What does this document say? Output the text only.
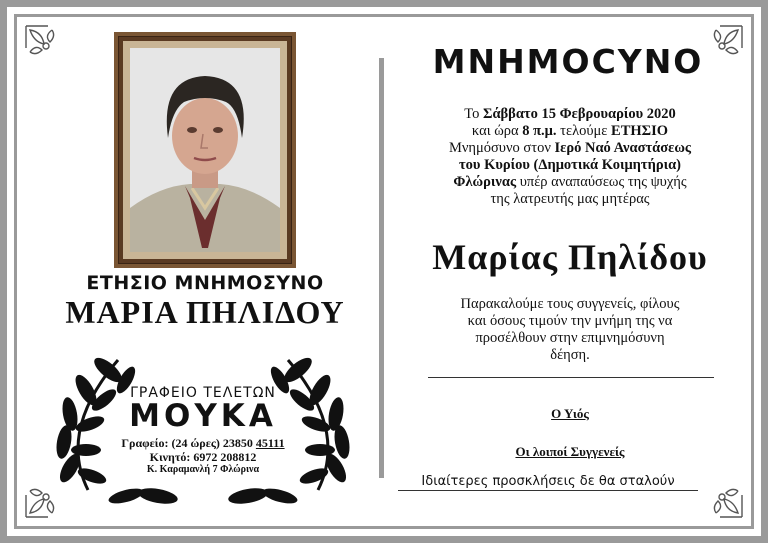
ΕΤΗΣΙΟ ΜΝΗΜΟΣΥΝΟ
ΜΑΡΙΑ ΠΗΛΙΔΟΥ
ΓΡΑΦΕΙΟ ΤΕΛΕΤΩΝ
ΜΟΥΚΑ
Γραφείο: (24 ώρες) 23850 45111
Κινητό: 6972 208812
Κ. Καραμανλή 7 Φλώρινα
ΜΝΗΜΟCΥΝΟ
Το Σάββατο 15 Φεβρουαρίου 2020
και ώρα 8 π.μ. τελούμε ΕΤΗΣΙΟ
Μνημόσυνο στον Ιερό Ναό Αναστάσεως
του Κυρίου (Δημοτικά Κοιμητήρια)
Φλώρινας υπέρ αναπαύσεως της ψυχής
της λατρευτής μας μητέρας
Μαρίας Πηλίδου
Παρακαλούμε τους συγγενείς, φίλους
και όσους τιμούν την μνήμη της να
προσέλθουν στην επιμνημόσυνη
δέηση.
Ο Υιός
Οι λοιποί Συγγενείς
Ιδιαίτερες προσκλήσεις δε θα σταλούν
